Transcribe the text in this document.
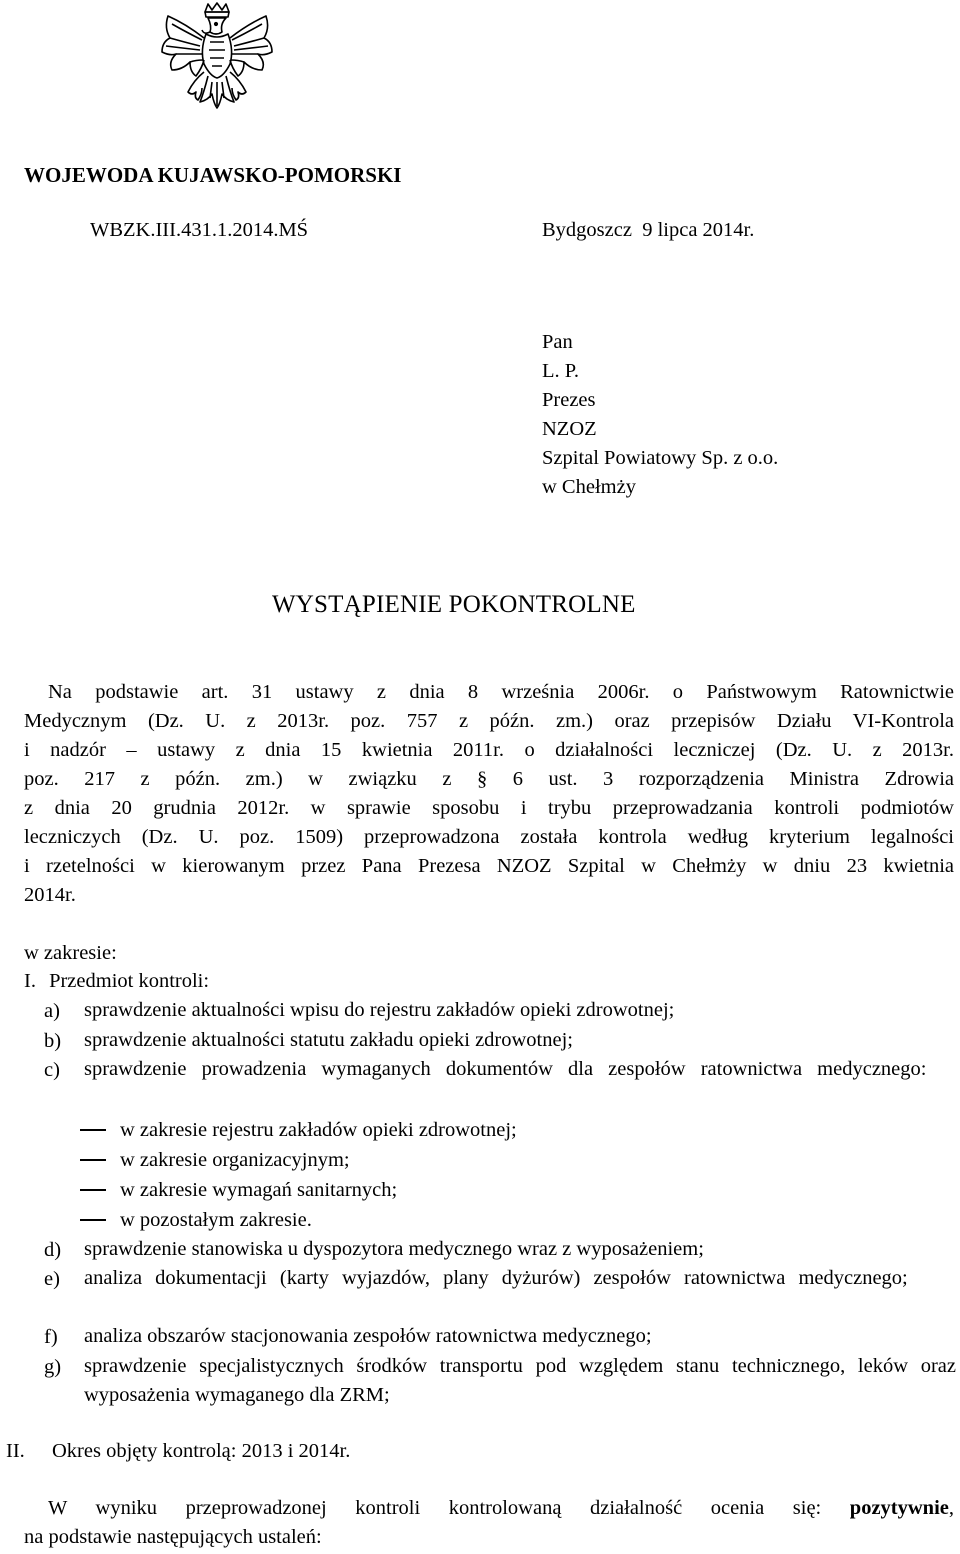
WOJEWODA KUJAWSKO-POMORSKI
WBZK.III.431.1.2014.MŚ	Bydgoszcz  9 lipca 2014r.
Pan
L. P.
Prezes
NZOZ
Szpital Powiatowy Sp. z o.o.
w Chełmży
WYSTĄPIENIE POKONTROLNE
Na podstawie art. 31 ustawy z dnia 8 września 2006r. o Państwowym Ratownictwie
Medycznym (Dz. U. z 2013r. poz. 757 z późn. zm.) oraz przepisów Działu VI-Kontrola
i nadzór – ustawy z dnia 15 kwietnia 2011r. o działalności leczniczej (Dz. U. z 2013r.
poz. 217 z późn. zm.) w związku z § 6 ust. 3 rozporządzenia Ministra Zdrowia
z dnia 20 grudnia 2012r. w sprawie sposobu i trybu przeprowadzania kontroli podmiotów
leczniczych (Dz. U. poz. 1509) przeprowadzona została kontrola według kryterium legalności
i rzetelności w kierowanym przez Pana Prezesa NZOZ Szpital w Chełmży w dniu 23 kwietnia
2014r.
w zakresie:
I. Przedmiot kontroli:
a) sprawdzenie aktualności wpisu do rejestru zakładów opieki zdrowotnej;
b) sprawdzenie aktualności statutu zakładu opieki zdrowotnej;
c) sprawdzenie prowadzenia wymaganych dokumentów dla zespołów ratownictwa medycznego:
w zakresie rejestru zakładów opieki zdrowotnej;
w zakresie organizacyjnym;
w zakresie wymagań sanitarnych;
w pozostałym zakresie.
d) sprawdzenie stanowiska u dyspozytora medycznego wraz z wyposażeniem;
e) analiza dokumentacji (karty wyjazdów, plany dyżurów) zespołów ratownictwa medycznego;
f) analiza obszarów stacjonowania zespołów ratownictwa medycznego;
g) sprawdzenie specjalistycznych środków transportu pod względem stanu technicznego, leków oraz wyposażenia wymaganego dla ZRM;
II. Okres objęty kontrolą: 2013 i 2014r.
W wyniku przeprowadzonej kontroli kontrolowaną działalność ocenia się: pozytywnie,
na podstawie następujących ustaleń:
